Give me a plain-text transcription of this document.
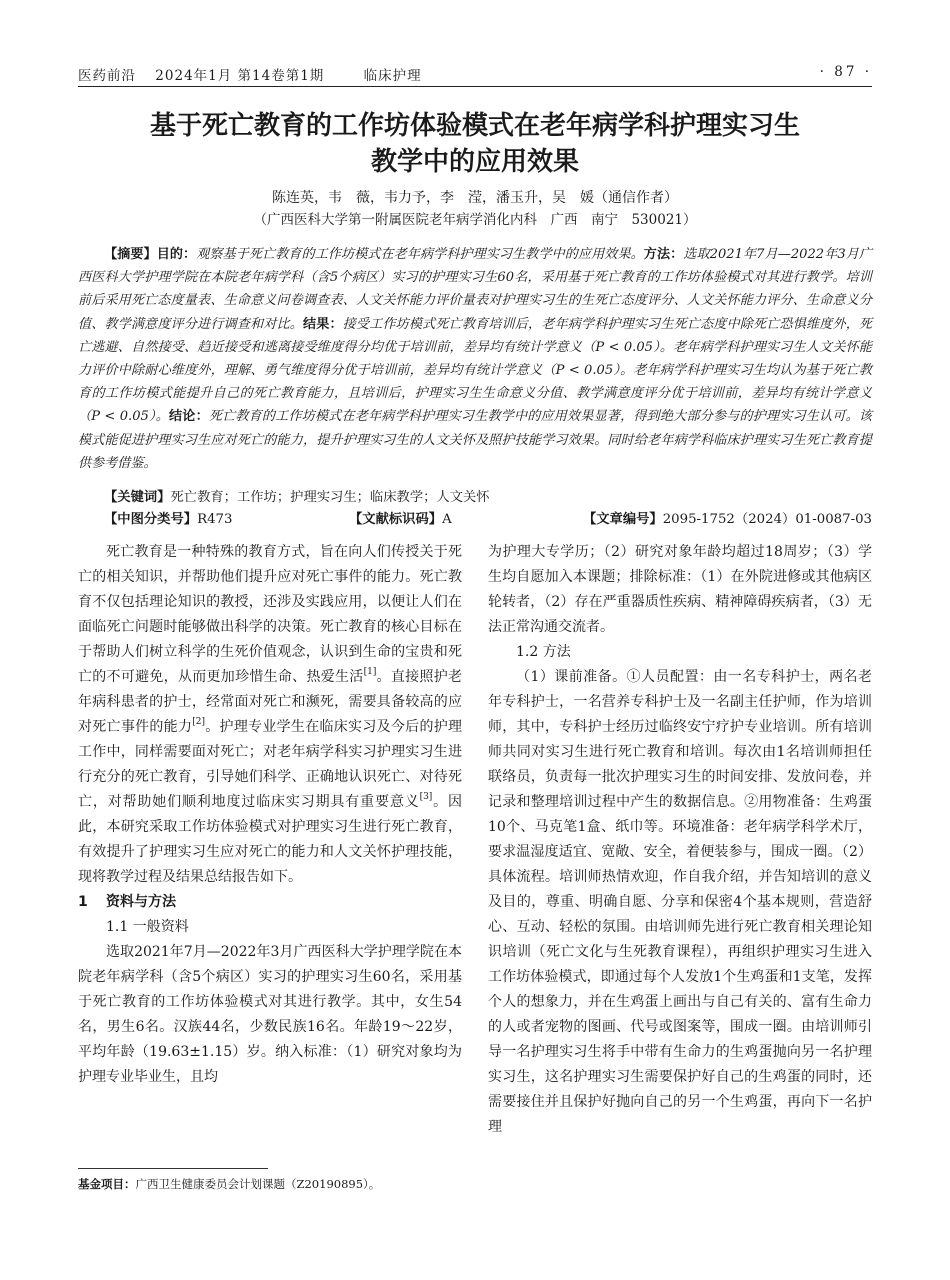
医药前沿 2024年1月 第14卷第1期	临床护理	· 87 ·
基于死亡教育的工作坊体验模式在老年病学科护理实习生
教学中的应用效果
陈连英，韦　薇，韦力予，李　滢，潘玉升，吴　媛（通信作者）
（广西医科大学第一附属医院老年病学消化内科　广西　南宁　530021）
【摘要】目的：观察基于死亡教育的工作坊模式在老年病学科护理实习生教学中的应用效果。方法：选取2021年7月—2022年3月广西医科大学护理学院在本院老年病学科（含5个病区）实习的护理实习生60名，采用基于死亡教育的工作坊体验模式对其进行教学。培训前后采用死亡态度量表、生命意义问卷调查表、人文关怀能力评价量表对护理实习生的生死亡态度评分、人文关怀能力评分、生命意义分值、教学满意度评分进行调查和对比。结果：接受工作坊模式死亡教育培训后，老年病学科护理实习生死亡态度中除死亡恐惧维度外，死亡逃避、自然接受、趋近接受和逃离接受维度得分均优于培训前，差异均有统计学意义（P < 0.05）。老年病学科护理实习生人文关怀能力评价中除耐心维度外，理解、勇气维度得分优于培训前，差异均有统计学意义（P < 0.05）。老年病学科护理实习生均认为基于死亡教育的工作坊模式能提升自己的死亡教育能力，且培训后，护理实习生生命意义分值、教学满意度评分优于培训前，差异均有统计学意义（P < 0.05）。结论：死亡教育的工作坊模式在老年病学科护理实习生教学中的应用效果显著，得到绝大部分参与的护理实习生认可。该模式能促进护理实习生应对死亡的能力，提升护理实习生的人文关怀及照护技能学习效果。同时给老年病学科临床护理实习生死亡教育提供参考借鉴。
【关键词】死亡教育；工作坊；护理实习生；临床教学；人文关怀
【中图分类号】R473	【文献标识码】A	【文章编号】2095-1752（2024）01-0087-03

死亡教育是一种特殊的教育方式，旨在向人们传授关于死亡的相关知识，并帮助他们提升应对死亡事件的能力。死亡教育不仅包括理论知识的教授，还涉及实践应用，以便让人们在面临死亡问题时能够做出科学的决策。死亡教育的核心目标在于帮助人们树立科学的生死价值观念，认识到生命的宝贵和死亡的不可避免，从而更加珍惜生命、热爱生活[1]。直接照护老年病科患者的护士，经常面对死亡和濒死，需要具备较高的应对死亡事件的能力[2]。护理专业学生在临床实习及今后的护理工作中，同样需要面对死亡；对老年病学科实习护理实习生进行充分的死亡教育，引导她们科学、正确地认识死亡、对待死亡，对帮助她们顺利地度过临床实习期具有重要意义[3]。因此，本研究采取工作坊体验模式对护理实习生进行死亡教育，有效提升了护理实习生应对死亡的能力和人文关怀护理技能，现将教学过程及结果总结报告如下。

1 资料与方法
1.1 一般资料

选取2021年7月—2022年3月广西医科大学护理学院在本院老年病学科（含5个病区）实习的护理实习生60名，采用基于死亡教育的工作坊体验模式对其进行教学。其中，女生54名，男生6名。汉族44名，少数民族16名。年龄19～22岁，平均年龄（19.63±1.15）岁。纳入标准：（1）研究对象均为护理专业毕业生，且均

为护理大专学历；（2）研究对象年龄均超过18周岁；（3）学生均自愿加入本课题；排除标准：（1）在外院进修或其他病区轮转者，（2）存在严重器质性疾病、精神障碍疾病者，（3）无法正常沟通交流者。

1.2 方法

（1）课前准备。①人员配置：由一名专科护士，两名老年专科护士，一名营养专科护士及一名副主任护师，作为培训师，其中，专科护士经历过临终安宁疗护专业培训。所有培训师共同对实习生进行死亡教育和培训。每次由1名培训师担任联络员，负责每一批次护理实习生的时间安排、发放问卷，并记录和整理培训过程中产生的数据信息。②用物准备：生鸡蛋10个、马克笔1盒、纸巾等。环境准备：老年病学科学术厅，要求温湿度适宜、宽敞、安全，着便装参与，围成一圈。（2）具体流程。培训师热情欢迎，作自我介绍，并告知培训的意义及目的，尊重、明确自愿、分享和保密4个基本规则，营造舒心、互动、轻松的氛围。由培训师先进行死亡教育相关理论知识培训（死亡文化与生死教育课程），再组织护理实习生进入工作坊体验模式，即通过每个人发放1个生鸡蛋和1支笔，发挥个人的想象力，并在生鸡蛋上画出与自己有关的、富有生命力的人或者宠物的图画、代号或图案等，围成一圈。由培训师引导一名护理实习生将手中带有生命力的生鸡蛋抛向另一名护理实习生，这名护理实习生需要保护好自己的生鸡蛋的同时，还需要接住并且保护好抛向自己的另一个生鸡蛋，再向下一名护理

基金项目：广西卫生健康委员会计划课题（Z20190895）。
